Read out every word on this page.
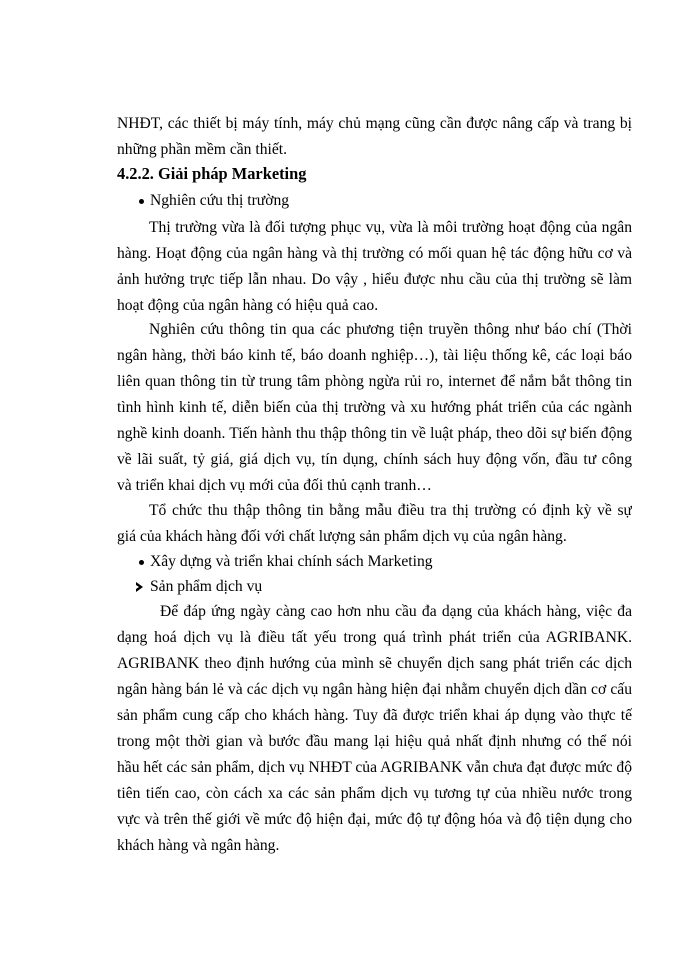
NHĐT, các thiết bị máy tính, máy chủ mạng cũng cần được nâng cấp và trang bị
những phần mềm cần thiết.
4.2.2. Giải pháp Marketing
Nghiên cứu thị trường
Thị trường vừa là đối tượng phục vụ, vừa là môi trường hoạt động của ngân
hàng. Hoạt động của ngân hàng và thị trường có mối quan hệ tác động hữu cơ và
ảnh hưởng trực tiếp lẫn nhau. Do vậy , hiểu được nhu cầu của thị trường sẽ làm
hoạt động của ngân hàng có hiệu quả cao.
Nghiên cứu thông tin qua các phương tiện truyền thông như báo chí (Thời
ngân hàng, thời báo kinh tế, báo doanh nghiệp…), tài liệu thống kê, các loại báo
liên quan thông tin từ trung tâm phòng ngừa rủi ro, internet để nắm bắt thông tin
tình hình kinh tế, diễn biến của thị trường và xu hướng phát triển của các ngành
nghề kinh doanh. Tiến hành thu thập thông tin về luật pháp, theo dõi sự biến động
về lãi suất, tỷ giá, giá dịch vụ, tín dụng, chính sách huy động vốn, đầu tư công
và triển khai dịch vụ mới của đối thủ cạnh tranh…
Tổ chức thu thập thông tin bằng mẫu điều tra thị trường có định kỳ về sự
giá của khách hàng đối với chất lượng sản phẩm dịch vụ của ngân hàng.
Xây dựng và triển khai chính sách Marketing
Sản phẩm dịch vụ
Để đáp ứng ngày càng cao hơn nhu cầu đa dạng của khách hàng, việc đa
dạng hoá dịch vụ là điều tất yếu trong quá trình phát triển của AGRIBANK.
AGRIBANK theo định hướng của mình sẽ chuyển dịch sang phát triển các dịch
ngân hàng bán lẻ và các dịch vụ ngân hàng hiện đại nhằm chuyển dịch dần cơ cấu
sản phẩm cung cấp cho khách hàng. Tuy đã được triển khai áp dụng vào thực tế
trong một thời gian và bước đầu mang lại hiệu quả nhất định nhưng có thể nói
hầu hết các sản phẩm, dịch vụ NHĐT của AGRIBANK vẫn chưa đạt được mức độ
tiên tiến cao, còn cách xa các sản phẩm dịch vụ tương tự của nhiều nước trong
vực và trên thế giới về mức độ hiện đại, mức độ tự động hóa và độ tiện dụng cho
khách hàng và ngân hàng.
